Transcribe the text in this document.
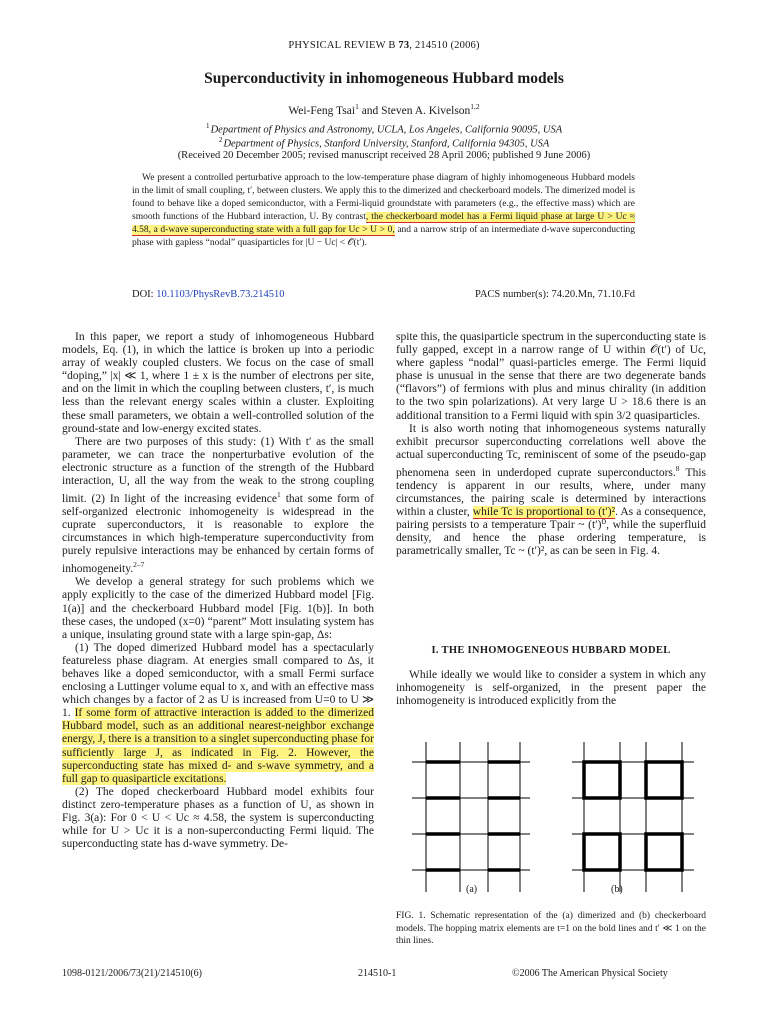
PHYSICAL REVIEW B 73, 214510 (2006)
Superconductivity in inhomogeneous Hubbard models
Wei-Feng Tsai$^1$ and Steven A. Kivelson$^{1,2}$
$^1$Department of Physics and Astronomy, UCLA, Los Angeles, California 90095, USA
$^2$Department of Physics, Stanford University, Stanford, California 94305, USA
(Received 20 December 2005; revised manuscript received 28 April 2006; published 9 June 2006)

We present a controlled perturbative approach to the low-temperature phase diagram of highly inhomogeneous Hubbard models in the limit of small coupling, t′, between clusters. We apply this to the dimerized and checkerboard models. The dimerized model is found to behave like a doped semiconductor, with a Fermi-liquid groundstate with parameters (e.g., the effective mass) which are smooth functions of the Hubbard interaction, U. By contrast, the checkerboard model has a Fermi liquid phase at large U > Uc ≈ 4.58, a d-wave superconducting state with a full gap for Uc > U > 0, and a narrow strip of an intermediate d-wave superconducting phase with gapless “nodal” quasiparticles for |U − Uc| < 𝒪(t′).

DOI: 10.1103/PhysRevB.73.214510	PACS number(s): 74.20.Mn, 71.10.Fd

In this paper, we report a study of inhomogeneous Hubbard models, Eq. (1), in which the lattice is broken up into a periodic array of weakly coupled clusters. We focus on the case of small “doping,” |x| ≪ 1, where 1 ± x is the number of electrons per site, and on the limit in which the coupling between clusters, t′, is much less than the relevant energy scales within a cluster. Exploiting these small parameters, we obtain a well-controlled solution of the ground-state and low-energy excited states.

There are two purposes of this study: (1) With t′ as the small parameter, we can trace the nonperturbative evolution of the electronic structure as a function of the strength of the Hubbard interaction, U, all the way from the weak to the strong coupling limit. (2) In light of the increasing evidence$^1$ that some form of self-organized electronic inhomogeneity is widespread in the cuprate superconductors, it is reasonable to explore the circumstances in which high-temperature superconductivity from purely repulsive interactions may be enhanced by certain forms of inhomogeneity.$^{2-7}$

We develop a general strategy for such problems which we apply explicitly to the case of the dimerized Hubbard model [Fig. 1(a)] and the checkerboard Hubbard model [Fig. 1(b)]. In both these cases, the undoped (x=0) “parent” Mott insulating system has a unique, insulating ground state with a large spin-gap, Δs:

(1) The doped dimerized Hubbard model has a spectacularly featureless phase diagram. At energies small compared to Δs, it behaves like a doped semiconductor, with a small Fermi surface enclosing a Luttinger volume equal to x, and with an effective mass which changes by a factor of 2 as U is increased from U=0 to U ≫ 1. If some form of attractive interaction is added to the dimerized Hubbard model, such as an additional nearest-neighbor exchange energy, J, there is a transition to a singlet superconducting phase for sufficiently large J, as indicated in Fig. 2. However, the superconducting state has mixed d- and s-wave symmetry, and a full gap to quasiparticle excitations.

(2) The doped checkerboard Hubbard model exhibits four distinct zero-temperature phases as a function of U, as shown in Fig. 3(a): For 0 < U < Uc ≈ 4.58, the system is superconducting while for U > Uc it is a non-superconducting Fermi liquid. The superconducting state has d-wave symmetry. De-

spite this, the quasiparticle spectrum in the superconducting state is fully gapped, except in a narrow range of U within 𝒪(t′) of Uc, where gapless “nodal” quasi-particles emerge. The Fermi liquid phase is unusual in the sense that there are two degenerate bands (“flavors”) of fermions with plus and minus chirality (in addition to the two spin polarizations). At very large U > 18.6 there is an additional transition to a Fermi liquid with spin 3/2 quasiparticles.

It is also worth noting that inhomogeneous systems naturally exhibit precursor superconducting correlations well above the actual superconducting Tc, reminiscent of some of the pseudo-gap phenomena seen in underdoped cuprate superconductors.$^8$ This tendency is apparent in our results, where, under many circumstances, the pairing scale is determined by interactions within a cluster, while Tc is proportional to (t′)². As a consequence, pairing persists to a temperature Tpair ~ (t′)⁰, while the superfluid density, and hence the phase ordering temperature, is parametrically smaller, Tc ~ (t′)², as can be seen in Fig. 4.

I. THE INHOMOGENEOUS HUBBARD MODEL

While ideally we would like to consider a system in which any inhomogeneity is self-organized, in the present paper the inhomogeneity is introduced explicitly from the

(a)	(b)
FIG. 1. Schematic representation of the (a) dimerized and (b) checkerboard models. The hopping matrix elements are t=1 on the bold lines and t′ ≪ 1 on the thin lines.
1098-0121/2006/73(21)/214510(6)	214510-1	©2006 The American Physical Society
